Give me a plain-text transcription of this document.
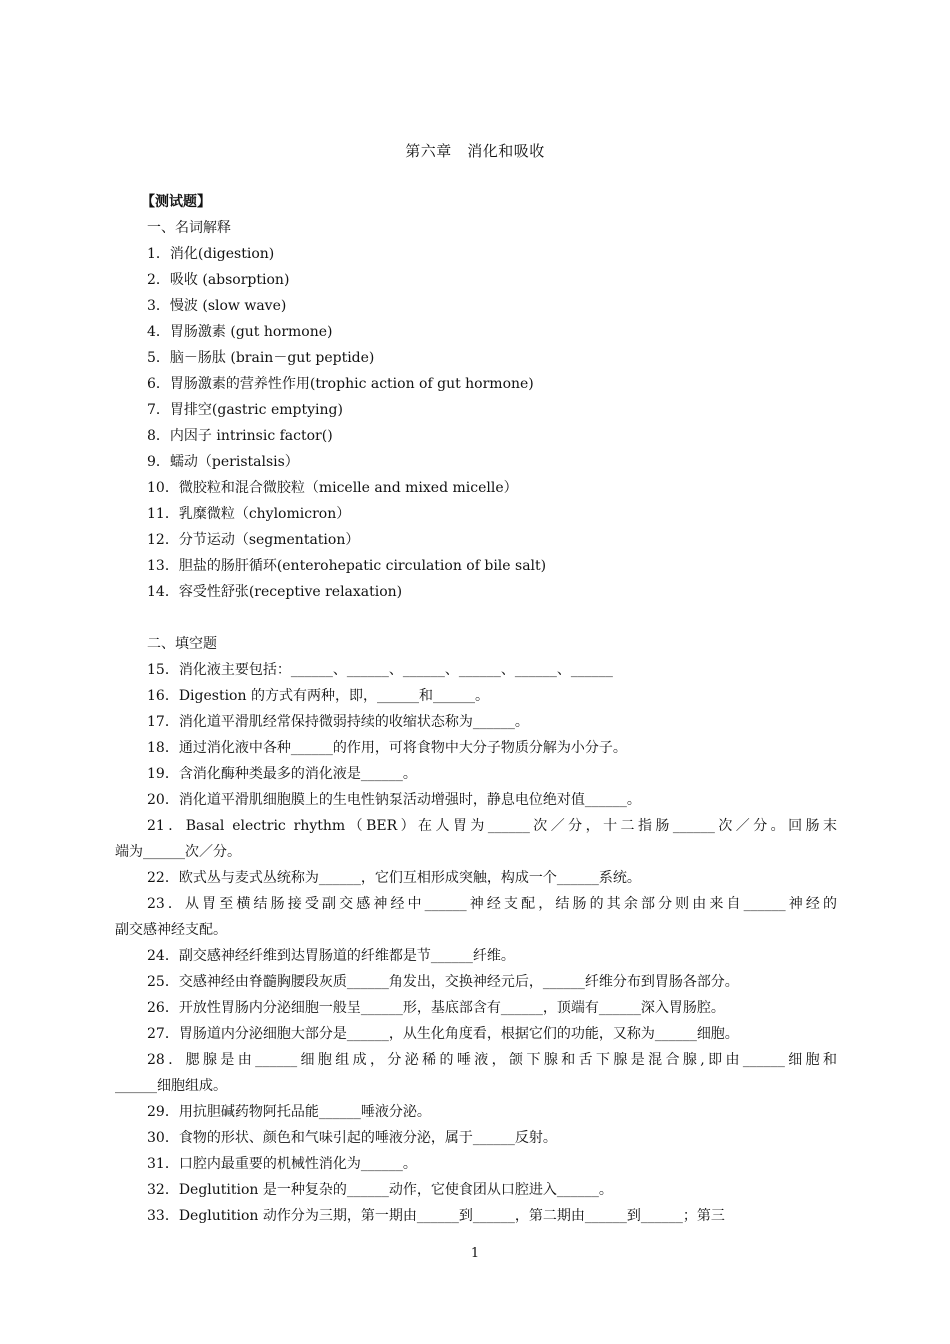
第六章　消化和吸收
【测试题】
一、名词解释
1．消化(digestion)
2．吸收 (absorption)
3．慢波 (slow wave)
4．胃肠激素 (gut hormone)
5．脑－肠肽 (brain－gut peptide)
6．胃肠激素的营养性作用(trophic action of gut hormone)
7．胃排空(gastric emptying)
8．内因子 intrinsic factor()
9．蠕动（peristalsis）
10．微胶粒和混合微胶粒（micelle and mixed micelle）
11．乳糜微粒（chylomicron）
12．分节运动（segmentation）
13．胆盐的肠肝循环(enterohepatic circulation of bile salt)
14．容受性舒张(receptive relaxation)
二、填空题
15．消化液主要包括：______、______、______、______、______、______
16．Digestion 的方式有两种，即，______和______。
17．消化道平滑肌经常保持微弱持续的收缩状态称为______。
18．通过消化液中各种______的作用，可将食物中大分子物质分解为小分子。
19．含消化酶种类最多的消化液是______。
20．消化道平滑肌细胞膜上的生电性钠泵活动增强时，静息电位绝对值______。
21．Basal electric rhythm（BER）在人胃为______次／分，十二指肠______次／分。回肠末
端为______次／分。
22．欧式丛与麦式丛统称为______，它们互相形成突触，构成一个______系统。
23．从胃至横结肠接受副交感神经中______神经支配，结肠的其余部分则由来自______神经的
副交感神经支配。
24．副交感神经纤维到达胃肠道的纤维都是节______纤维。
25．交感神经由脊髓胸腰段灰质______角发出，交换神经元后，______纤维分布到胃肠各部分。
26．开放性胃肠内分泌细胞一般呈______形，基底部含有______，顶端有______深入胃肠腔。
27．胃肠道内分泌细胞大部分是______，从生化角度看，根据它们的功能，又称为______细胞。
28．腮腺是由______细胞组成，分泌稀的唾液，颌下腺和舌下腺是混合腺,即由______细胞和
______细胞组成。
29．用抗胆碱药物阿托品能______唾液分泌。
30．食物的形状、颜色和气味引起的唾液分泌，属于______反射。
31．口腔内最重要的机械性消化为______。
32．Deglutition 是一种复杂的______动作，它使食团从口腔进入______。
33．Deglutition 动作分为三期，第一期由______到______，第二期由______到______；第三
1
